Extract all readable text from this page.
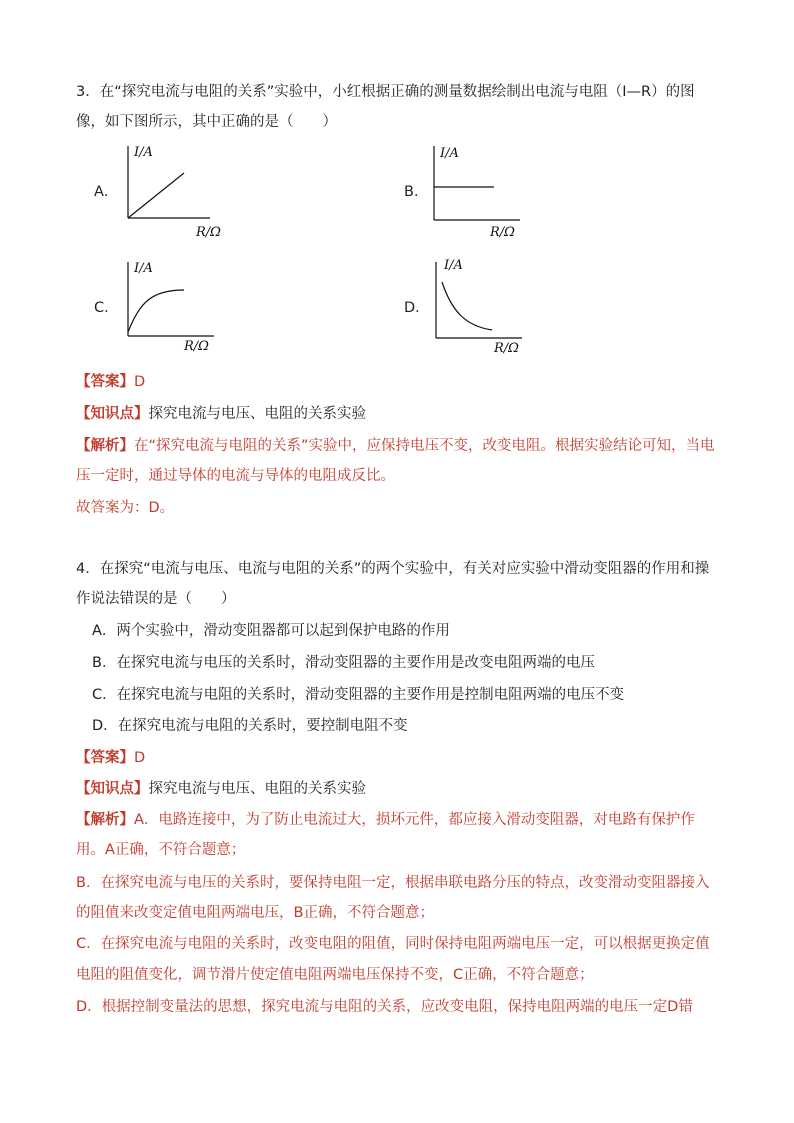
3．在“探究电流与电阻的关系”实验中，小红根据正确的测量数据绘制出电流与电阻（I—R）的图
像，如下图所示，其中正确的是（　　）
A．
I/A
R/Ω
B．
I/A
R/Ω
C．
I/A
R/Ω
D．
I/A
R/Ω
【答案】D
【知识点】探究电流与电压、电阻的关系实验
【解析】在“探究电流与电阻的关系”实验中，应保持电压不变，改变电阻。根据实验结论可知，当电
压一定时，通过导体的电流与导体的电阻成反比。
故答案为：D。
4．在探究“电流与电压、电流与电阻的关系”的两个实验中，有关对应实验中滑动变阻器的作用和操
作说法错误的是（　　）
A．两个实验中，滑动变阻器都可以起到保护电路的作用
B．在探究电流与电压的关系时，滑动变阻器的主要作用是改变电阻两端的电压
C．在探究电流与电阻的关系时，滑动变阻器的主要作用是控制电阻两端的电压不变
D．在探究电流与电阻的关系时，要控制电阻不变
【答案】D
【知识点】探究电流与电压、电阻的关系实验
【解析】A．电路连接中，为了防止电流过大，损坏元件，都应接入滑动变阻器，对电路有保护作
用。A正确，不符合题意；
B．在探究电流与电压的关系时，要保持电阻一定，根据串联电路分压的特点，改变滑动变阻器接入
的阻值来改变定值电阻两端电压，B正确，不符合题意；
C．在探究电流与电阻的关系时，改变电阻的阻值，同时保持电阻两端电压一定，可以根据更换定值
电阻的阻值变化，调节滑片使定值电阻两端电压保持不变，C正确，不符合题意；
D．根据控制变量法的思想，探究电流与电阻的关系，应改变电阻，保持电阻两端的电压一定D错
